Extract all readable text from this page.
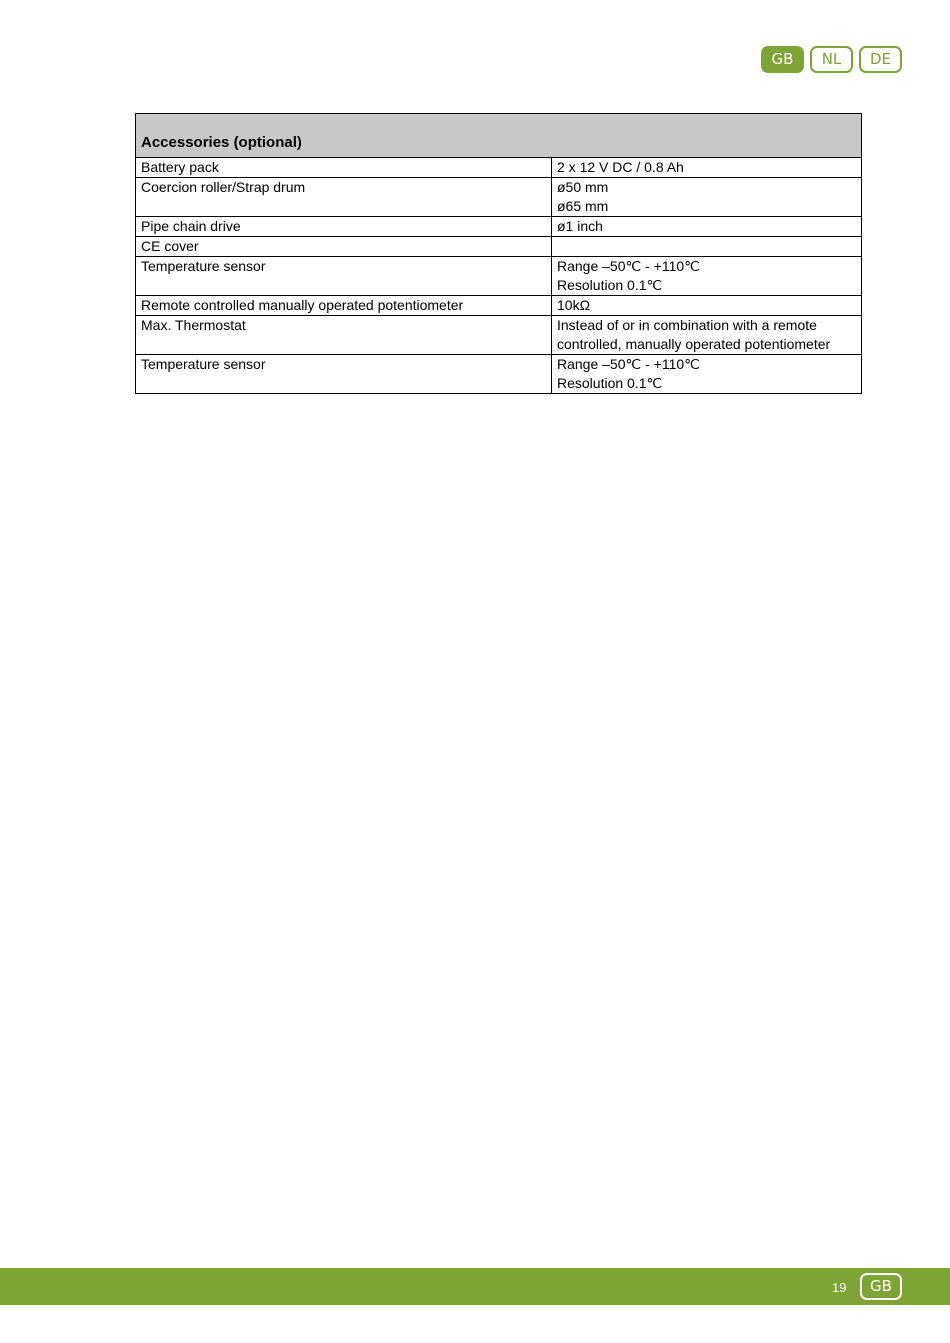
GB	NL	DE
Accessories (optional)	
Battery pack	2 x 12 V DC / 0.8 Ah

Coercion roller/Strap drum	ø50 mm
ø65 mm

Pipe chain drive	ø1 inch

CE cover	

Temperature sensor	Range –50℃ - +110℃
Resolution 0.1℃

Remote controlled manually operated potentiometer	10kΩ

Max. Thermostat	Instead of or in combination with a remote
controlled, manually operated potentiometer

Temperature sensor	Range –50℃ - +110℃
Resolution 0.1℃
19	GB
